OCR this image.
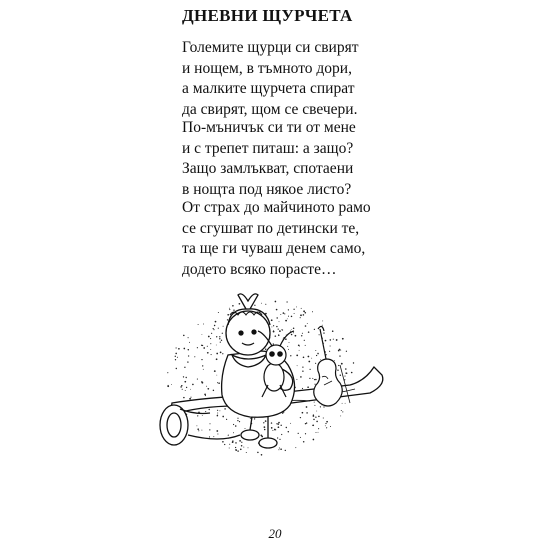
ДНЕВНИ ЩУРЧЕТА
Големите щурци си свирят
и нощем, в тъмното дори,
а малките щурчета спират
да свирят, щом се свечери.
По-мъничък си ти от мене
и с трепет питаш: а защо?
Защо замлъкват, спотаени
в нощта под някое листо?
От страх до майчиното рамо
се сгушват по детински те,
та ще ги чуваш денем само,
додето всяко порасте…
20
